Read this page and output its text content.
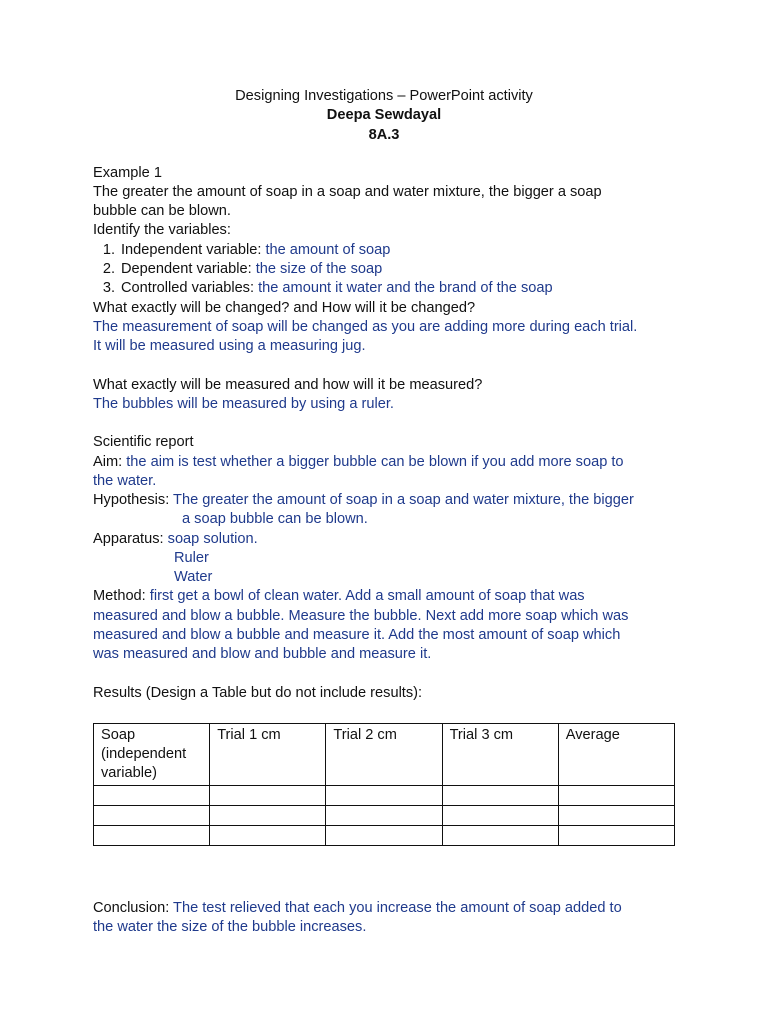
Designing Investigations – PowerPoint activity
Deepa Sewdayal
8A.3
Example 1
The greater the amount of soap in a soap and water mixture, the bigger a soap
bubble can be blown.
Identify the variables:
1. Independent variable: the amount of soap
2. Dependent variable: the size of the soap
3. Controlled variables: the amount it water and the brand of the soap
What exactly will be changed? and How will it be changed?
The measurement of soap will be changed as you are adding more during each trial.
It will be measured using a measuring jug.
What exactly will be measured and how will it be measured?
The bubbles will be measured by using a ruler.
Scientific report
Aim: the aim is test whether a bigger bubble can be blown if you add more soap to
the water.
Hypothesis: The greater the amount of soap in a soap and water mixture, the bigger
a soap bubble can be blown.
Apparatus: soap solution.
Ruler
Water
Method: first get a bowl of clean water. Add a small amount of soap that was
measured and blow a bubble. Measure the bubble. Next add more soap which was
measured and blow a bubble and measure it. Add the most amount of soap which
was measured and blow and bubble and measure it.
Results (Design a Table but do not include results):
Soap (independent variable)	Trial 1 cm	Trial 2 cm	Trial 3 cm	Average

Conclusion: The test relieved that each you increase the amount of soap added to
the water the size of the bubble increases.
